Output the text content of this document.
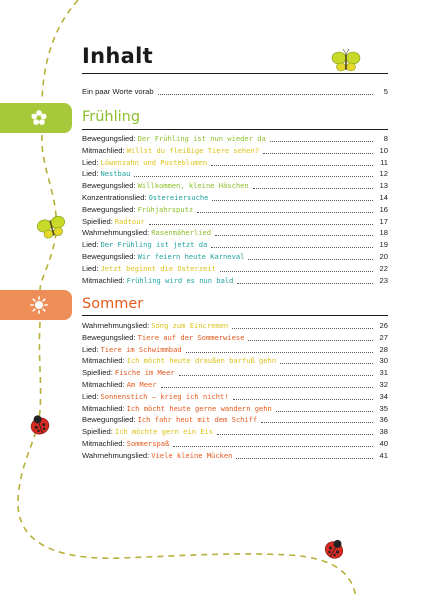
Inhalt
Ein paar Worte vorab	5
Frühling
Bewegungslied: Der Frühling ist nun wieder da	8
Mitmachlied: Willst du fleißige Tiere sehen?	10
Lied: Löwenzahn und Pusteblumen	11
Lied: Nestbau	12
Bewegungslied: Willkommen, kleine Häschen	13
Konzentrationslied: Ostereiersuche	14
Bewegungslied: Frühjahrsputz	16
Spiellied: Radtour	17
Wahrnehmungslied: Rasenmäherlied	18
Lied: Der Frühling ist jetzt da	19
Bewegungslied: Wir feiern heute Karneval	20
Lied: Jetzt beginnt die Osterzeit	22
Mitmachlied: Frühling wird es nun bald	23
Sommer
Wahrnehmungslied: Song zum Eincremen	26
Bewegungslied: Tiere auf der Sommerwiese	27
Lied: Tiere im Schwimmbad	28
Mitmachlied: Ich möcht heute draußen barfuß gehn	30
Spiellied: Fische im Meer	31
Mitmachlied: Am Meer	32
Lied: Sonnenstich – krieg ich nicht!	34
Mitmachlied: Ich möcht heute gerne wandern gehn	35
Bewegungslied: Ich fahr heut mit dem Schiff	36
Spiellied: Ich möchte gern ein Eis	38
Mitmachlied: Sommerspaß	40
Wahrnehmungslied: Viele kleine Mücken	41
